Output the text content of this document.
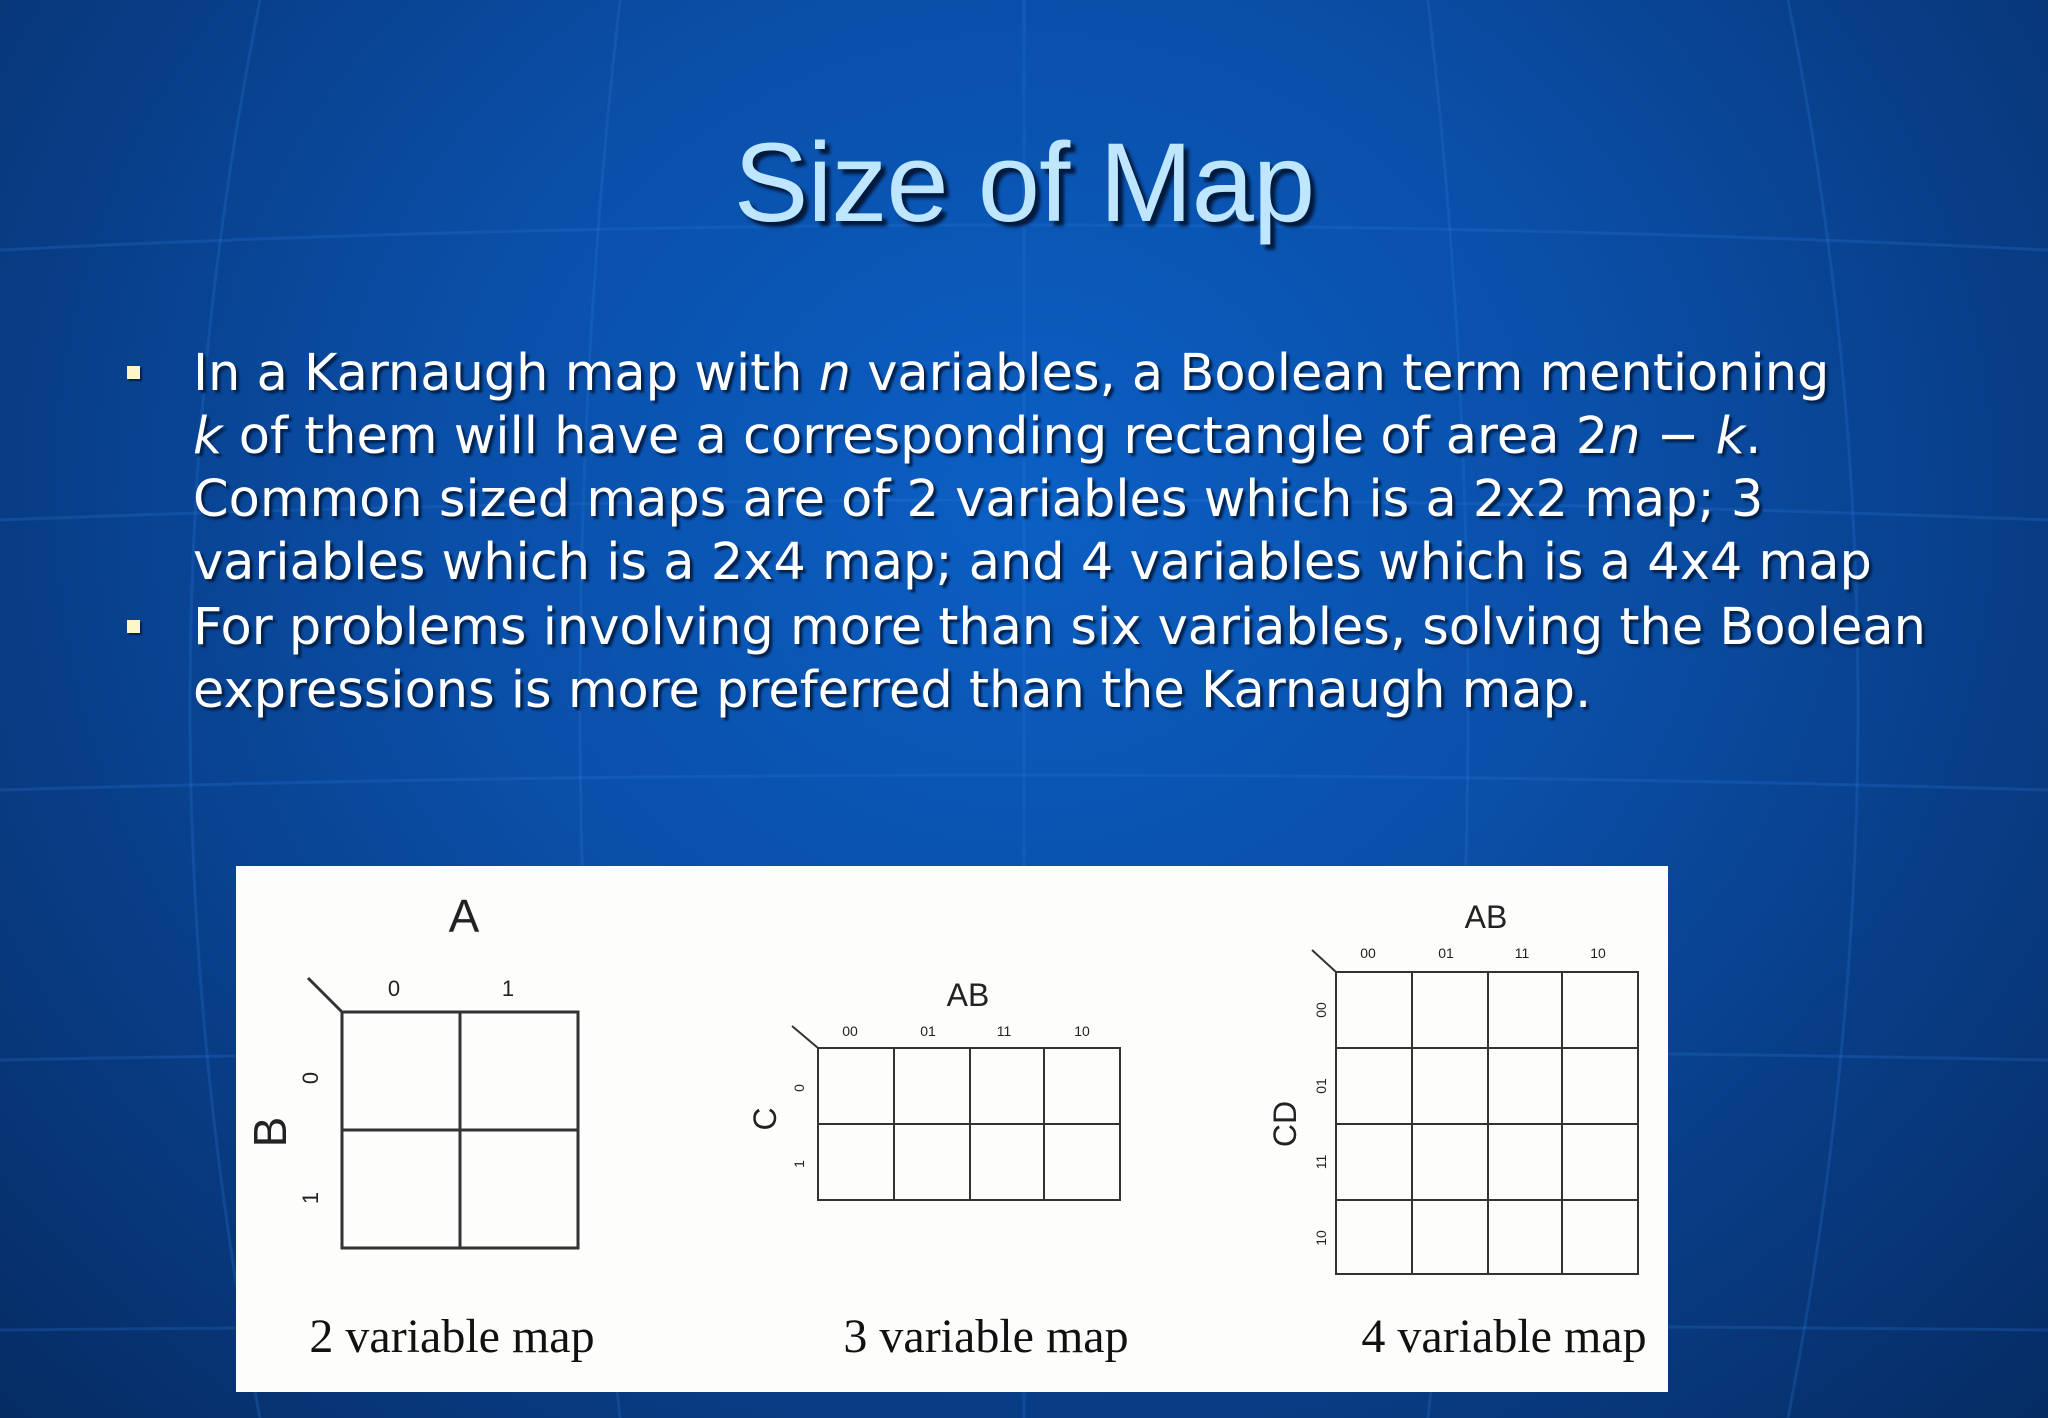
Size of Map
In a Karnaugh map with n variables, a Boolean term mentioning
k of them will have a corresponding rectangle of area 2n − k. Common sized maps are of 2 variables which is a 2x2 map; 3 variables which is a 2x4 map; and 4 variables which is a 4x4 map
For problems involving more than six variables, solving the Boolean expressions is more preferred than the Karnaugh map.
A
0	1
B
0
1
2 variable map
AB
00	01	11	10
C
0
1
3 variable map
AB
00	01	11	10
CD
00
01
11
10
4 variable map
